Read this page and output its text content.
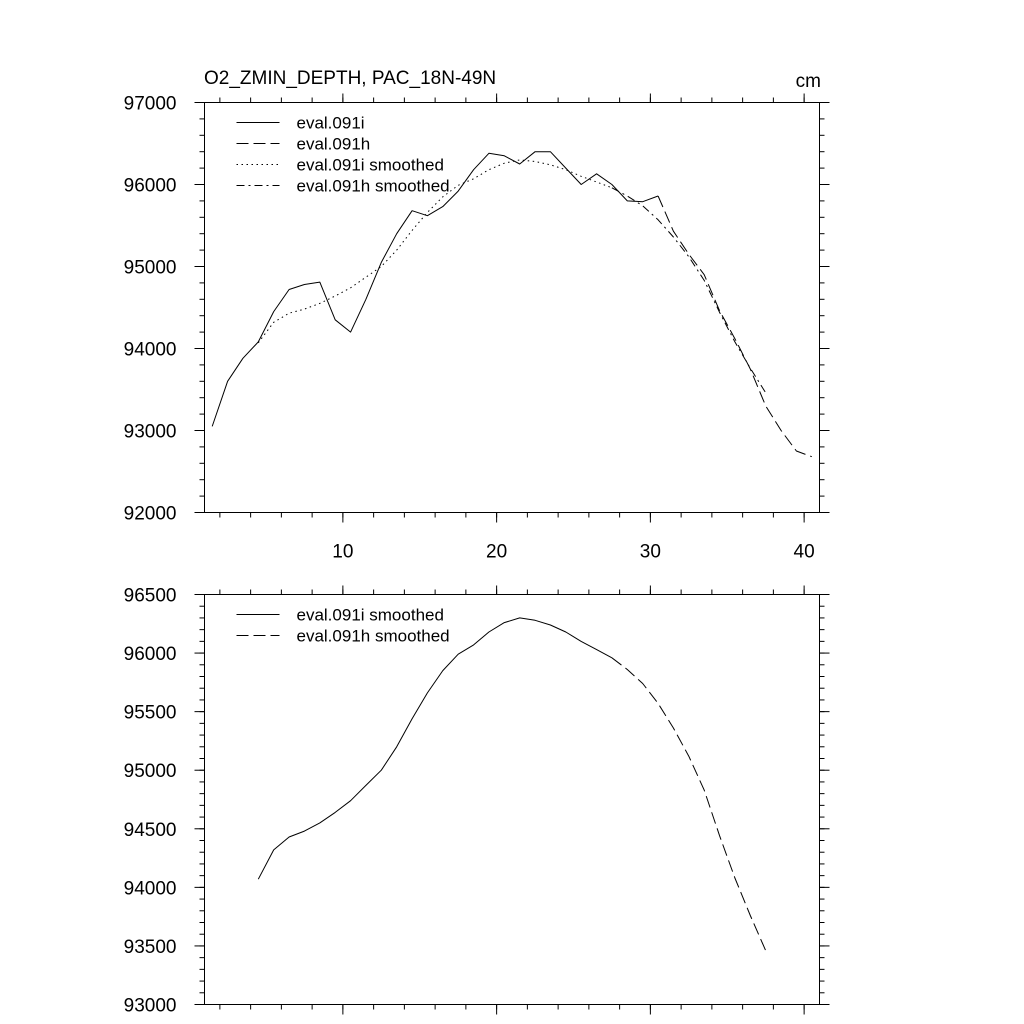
92000
93000
94000
95000
96000
97000
10	20	30	40
eval.091i
eval.091h
eval.091i smoothed
eval.091h smoothed
O2_ZMIN_DEPTH, PAC_18N-49N	cm
93000
93500
94000
94500
95000
95500
96000
96500
eval.091i smoothed
eval.091h smoothed
